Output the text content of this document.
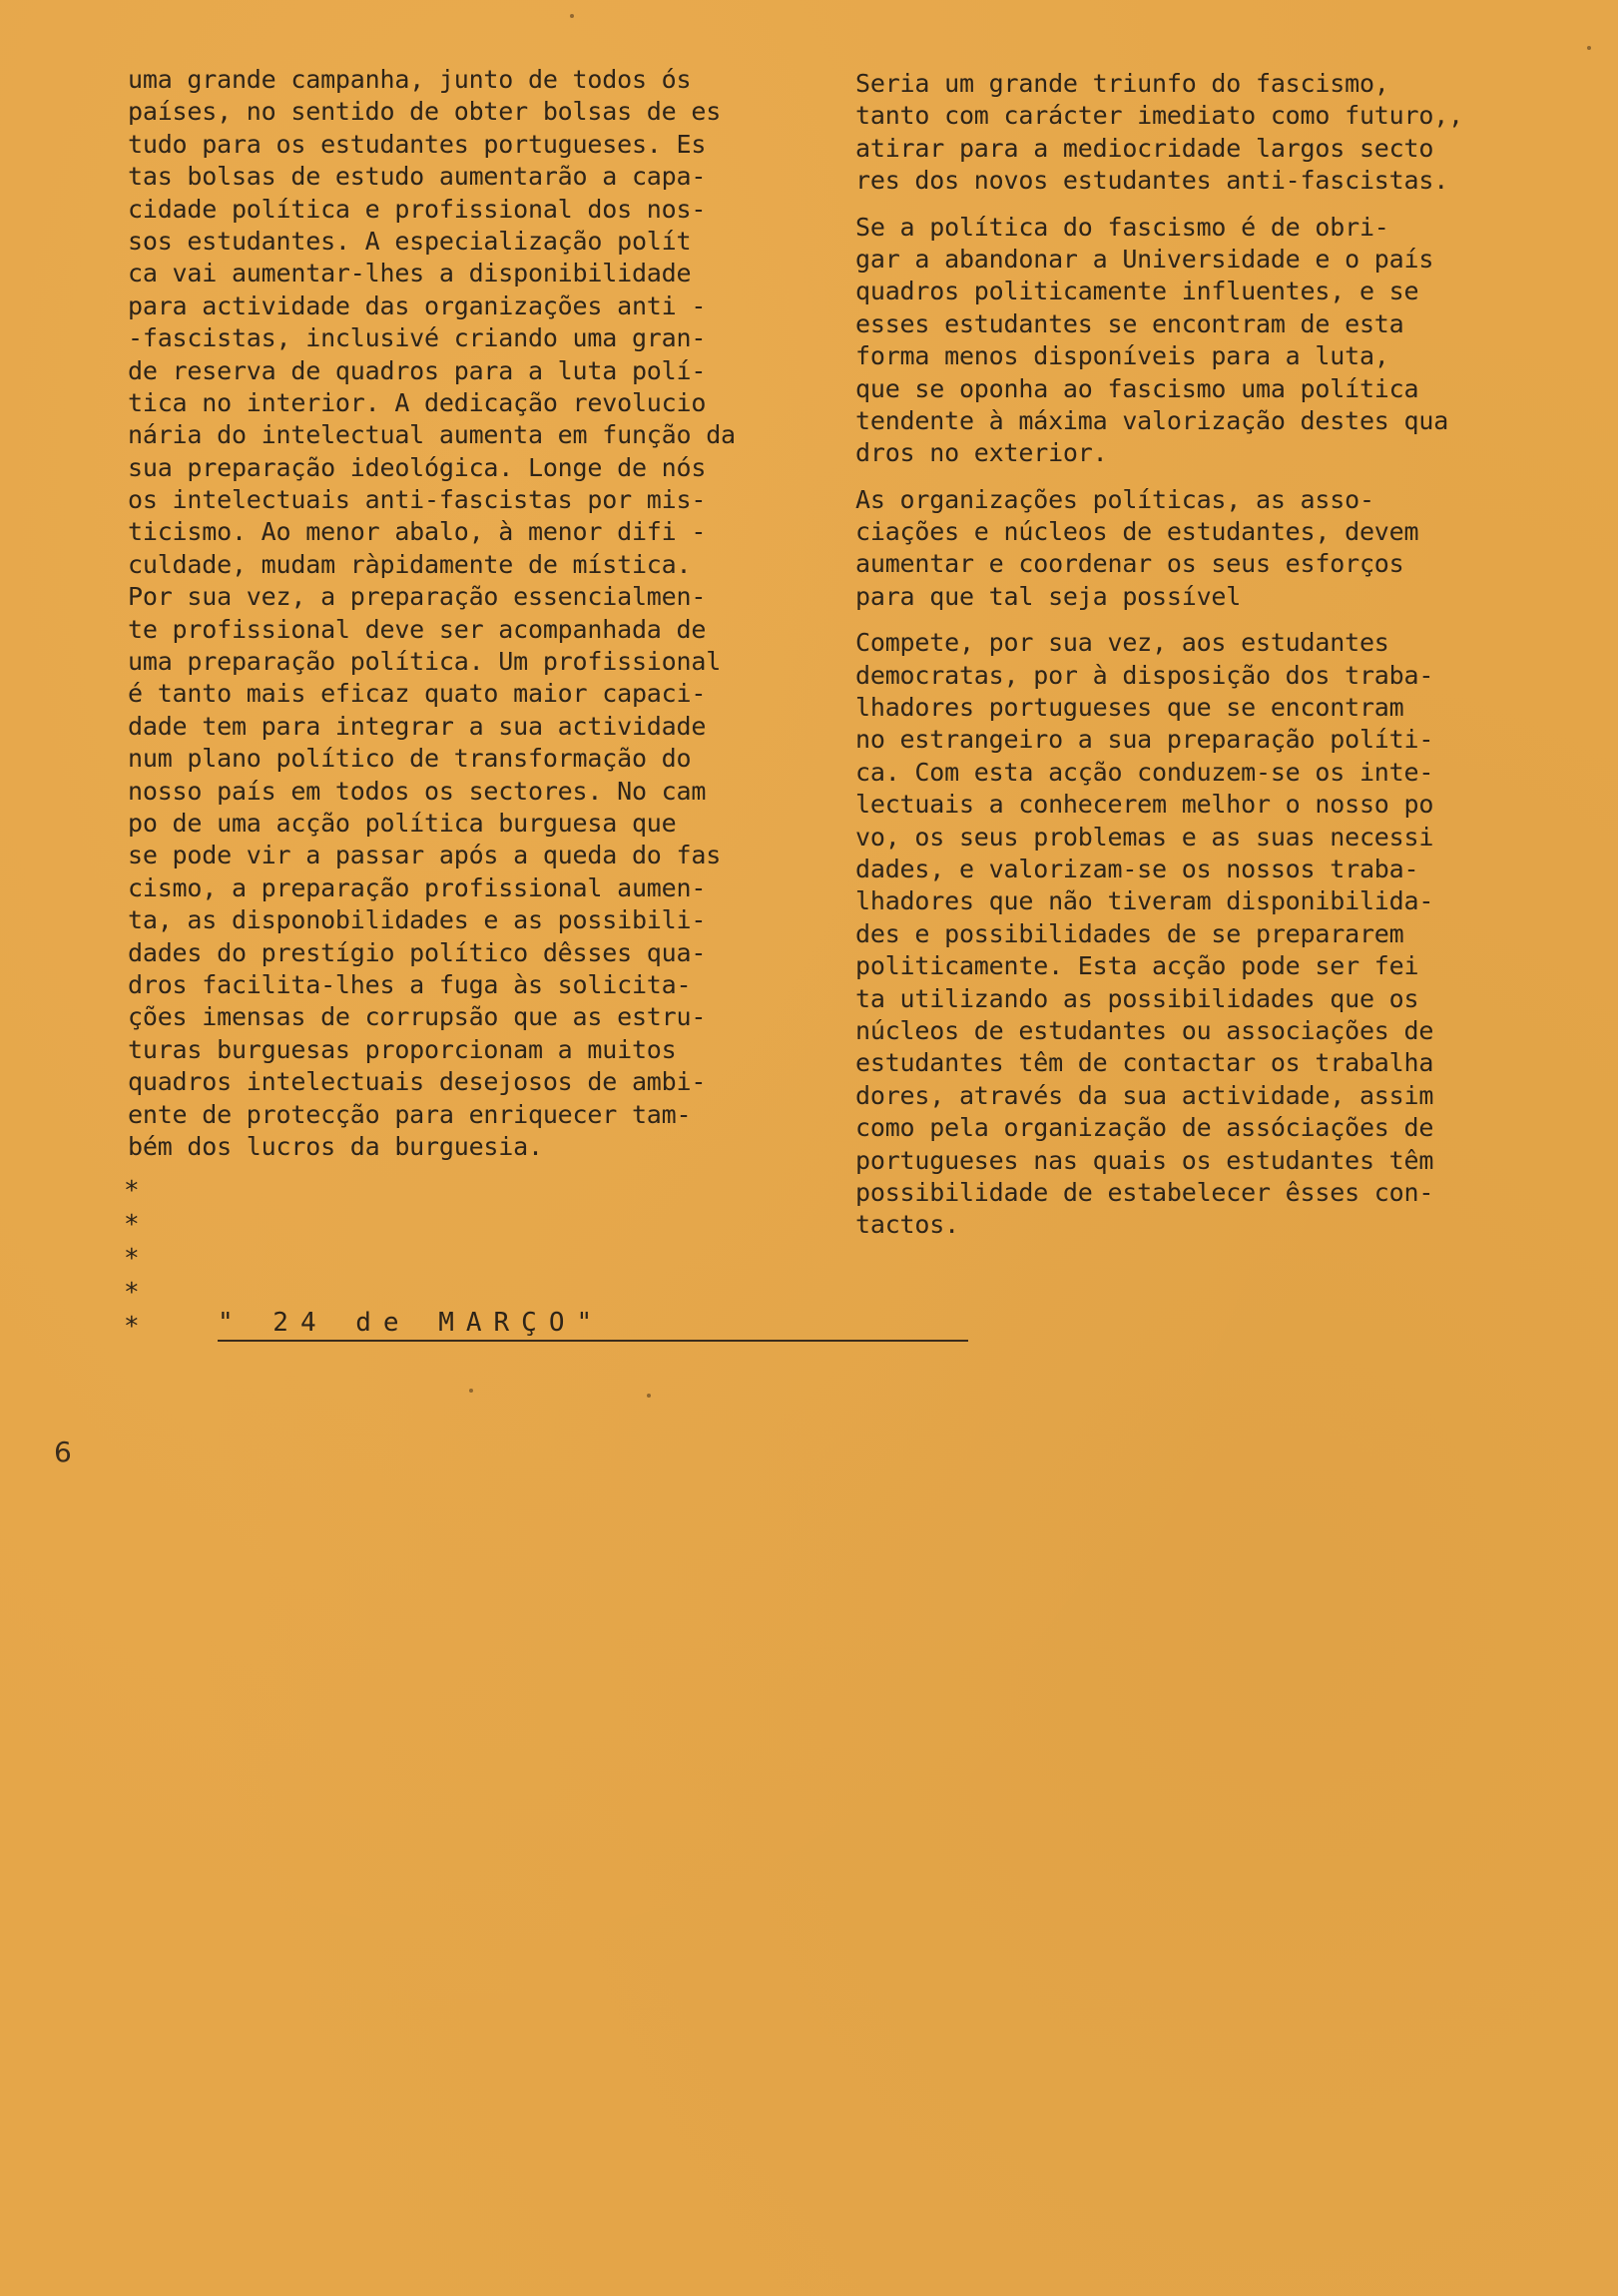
uma grande campanha, junto de todos ós
países, no sentido de obter bolsas de es
tudo para os estudantes portugueses. Es
tas bolsas de estudo aumentarão a capa-
cidade política e profissional dos nos-
sos estudantes. A especialização polít
ca vai aumentar-lhes a disponibilidade
para actividade das organizações anti -
-fascistas, inclusivé criando uma gran-
de reserva de quadros para a luta polí-
tica no interior. A dedicação revolucio
nária do intelectual aumenta em função da
sua preparação ideológica. Longe de nós
os intelectuais anti-fascistas por mis-
ticismo. Ao menor abalo, à menor difi -
culdade, mudam ràpidamente de mística.
Por sua vez, a preparação essencialmen-
te profissional deve ser acompanhada de
uma preparação política. Um profissional
é tanto mais eficaz quato maior capaci-
dade tem para integrar a sua actividade
num plano político de transformação do
nosso país em todos os sectores. No cam
po de uma acção política burguesa que
se pode vir a passar após a queda do fas
cismo, a preparação profissional aumen-
ta, as disponobilidades e as possibili-
dades do prestígio político dêsses qua-
dros facilita-lhes a fuga às solicita-
ções imensas de corrupsão que as estru-
turas burguesas proporcionam a muitos
quadros intelectuais desejosos de ambi-
ente de protecção para enriquecer tam-
bém dos lucros da burguesia.
Seria um grande triunfo do fascismo,
tanto com carácter imediato como futuro,,
atirar para a mediocridade largos secto
res dos novos estudantes anti-fascistas.
Se a política do fascismo é de obri-
gar a abandonar a Universidade e o país
quadros politicamente influentes, e se
esses estudantes se encontram de esta
forma menos disponíveis para a luta,
que se oponha ao fascismo uma política
tendente à máxima valorização destes qua
dros no exterior.
As organizações políticas, as asso-
ciações e núcleos de estudantes, devem
aumentar e coordenar os seus esforços
para que tal seja possível
Compete, por sua vez, aos estudantes
democratas, por à disposição dos traba-
lhadores portugueses que se encontram
no estrangeiro a sua preparação políti-
ca. Com esta acção conduzem-se os inte-
lectuais a conhecerem melhor o nosso po
vo, os seus problemas e as suas necessi
dades, e valorizam-se os nossos traba-
lhadores que não tiveram disponibilida-
des e possibilidades de se prepararem
politicamente. Esta acção pode ser fei
ta utilizando as possibilidades que os
núcleos de estudantes ou associações de
estudantes têm de contactar os trabalha
dores, através da sua actividade, assim
como pela organização de assóciações de
portugueses nas quais os estudantes têm
possibilidade de estabelecer êsses con-
tactos.
*
*
*
*
*	" 24 de MARÇO"
6
